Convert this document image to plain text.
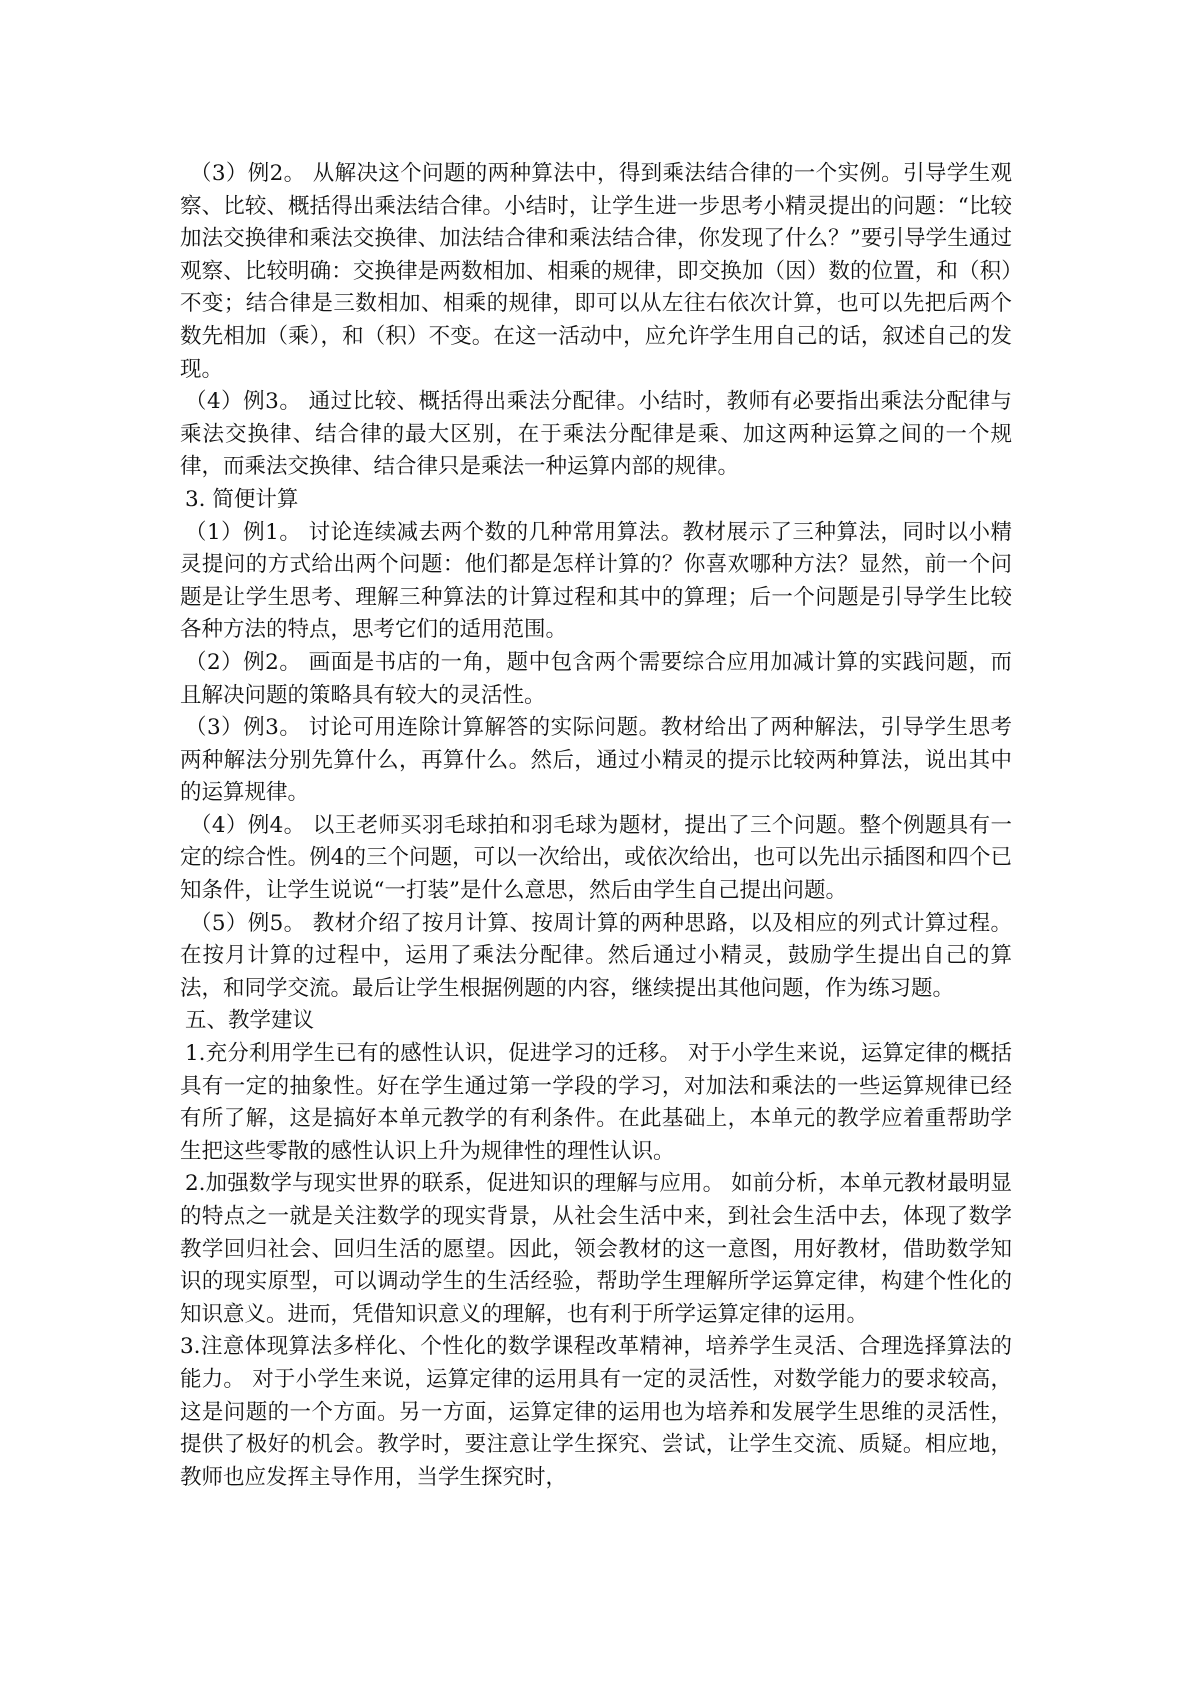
（3）例2。 从解决这个问题的两种算法中，得到乘法结合律的一个实例。引导学生观察、比较、概括得出乘法结合律。小结时，让学生进一步思考小精灵提出的问题：“比较加法交换律和乘法交换律、加法结合律和乘法结合律，你发现了什么？”要引导学生通过观察、比较明确：交换律是两数相加、相乘的规律，即交换加（因）数的位置，和（积）不变；结合律是三数相加、相乘的规律，即可以从左往右依次计算，也可以先把后两个数先相加（乘），和（积）不变。在这一活动中，应允许学生用自己的话，叙述自己的发现。

（4）例3。 通过比较、概括得出乘法分配律。小结时，教师有必要指出乘法分配律与乘法交换律、结合律的最大区别，在于乘法分配律是乘、加这两种运算之间的一个规律，而乘法交换律、结合律只是乘法一种运算内部的规律。

3. 简便计算

（1）例1。 讨论连续减去两个数的几种常用算法。教材展示了三种算法，同时以小精灵提问的方式给出两个问题：他们都是怎样计算的？你喜欢哪种方法？显然，前一个问题是让学生思考、理解三种算法的计算过程和其中的算理；后一个问题是引导学生比较各种方法的特点，思考它们的适用范围。

（2）例2。 画面是书店的一角，题中包含两个需要综合应用加减计算的实践问题，而且解决问题的策略具有较大的灵活性。

（3）例3。 讨论可用连除计算解答的实际问题。教材给出了两种解法，引导学生思考两种解法分别先算什么，再算什么。然后，通过小精灵的提示比较两种算法，说出其中的运算规律。

（4）例4。 以王老师买羽毛球拍和羽毛球为题材，提出了三个问题。整个例题具有一定的综合性。例4的三个问题，可以一次给出，或依次给出，也可以先出示插图和四个已知条件，让学生说说“一打装”是什么意思，然后由学生自己提出问题。

（5）例5。 教材介绍了按月计算、按周计算的两种思路，以及相应的列式计算过程。在按月计算的过程中，运用了乘法分配律。然后通过小精灵，鼓励学生提出自己的算法，和同学交流。最后让学生根据例题的内容，继续提出其他问题，作为练习题。

五、教学建议

1.充分利用学生已有的感性认识，促进学习的迁移。 对于小学生来说，运算定律的概括具有一定的抽象性。好在学生通过第一学段的学习，对加法和乘法的一些运算规律已经有所了解，这是搞好本单元教学的有利条件。在此基础上，本单元的教学应着重帮助学生把这些零散的感性认识上升为规律性的理性认识。

2.加强数学与现实世界的联系，促进知识的理解与应用。 如前分析，本单元教材最明显的特点之一就是关注数学的现实背景，从社会生活中来，到社会生活中去，体现了数学教学回归社会、回归生活的愿望。因此，领会教材的这一意图，用好教材，借助数学知识的现实原型，可以调动学生的生活经验，帮助学生理解所学运算定律，构建个性化的知识意义。进而，凭借知识意义的理解，也有利于所学运算定律的运用。

3.注意体现算法多样化、个性化的数学课程改革精神，培养学生灵活、合理选择算法的能力。 对于小学生来说，运算定律的运用具有一定的灵活性，对数学能力的要求较高，这是问题的一个方面。另一方面，运算定律的运用也为培养和发展学生思维的灵活性，提供了极好的机会。教学时，要注意让学生探究、尝试，让学生交流、质疑。相应地，教师也应发挥主导作用，当学生探究时，
